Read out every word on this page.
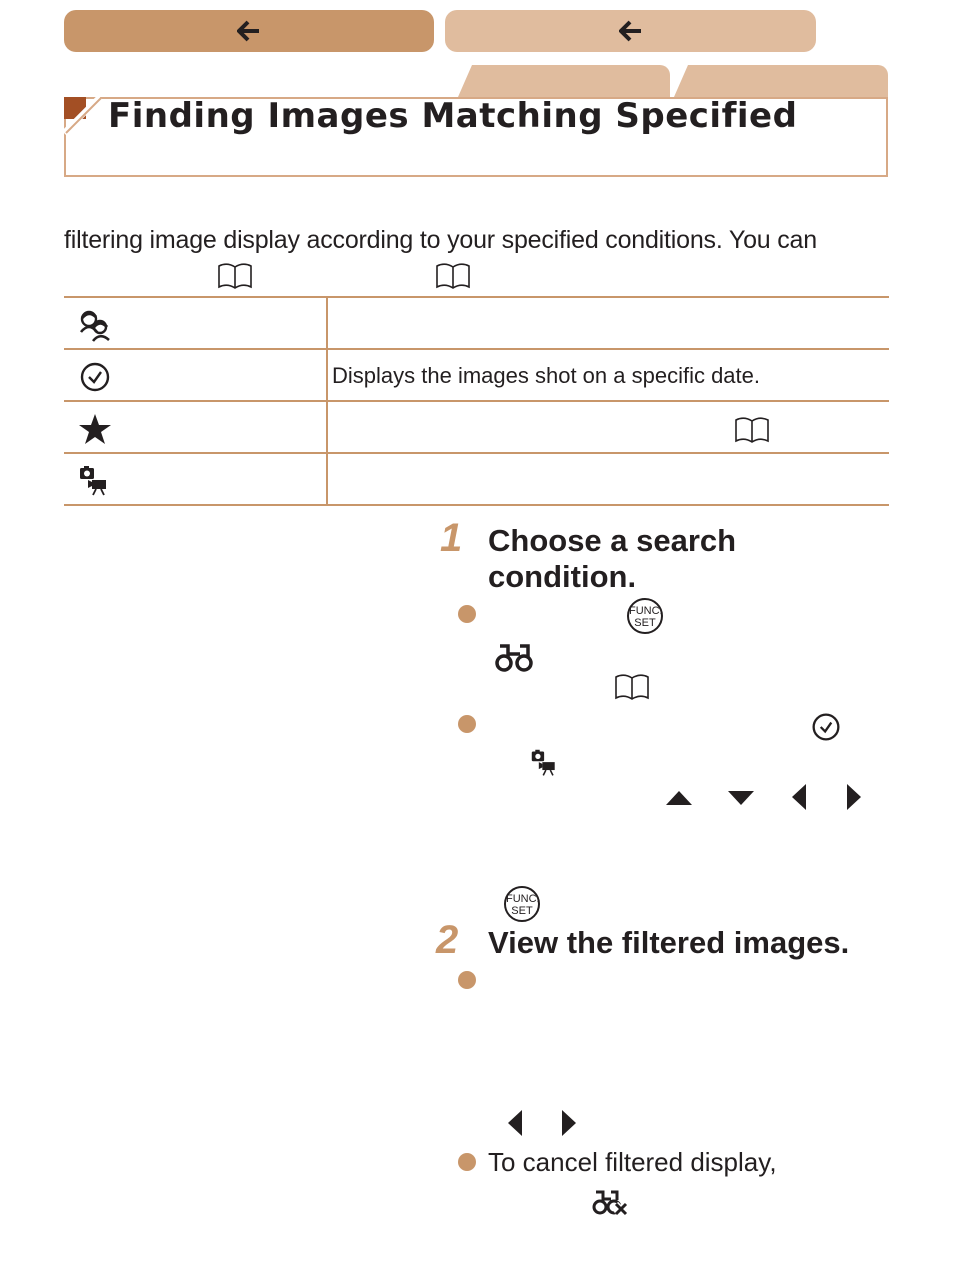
Finding Images Matching Specified
filtering image display according to your specified conditions. You can
Displays the images shot on a specific date.
1 Choose a search
condition.
FUNC.
SET
FUNC.
SET
2 View the filtered images.
To cancel filtered display,
